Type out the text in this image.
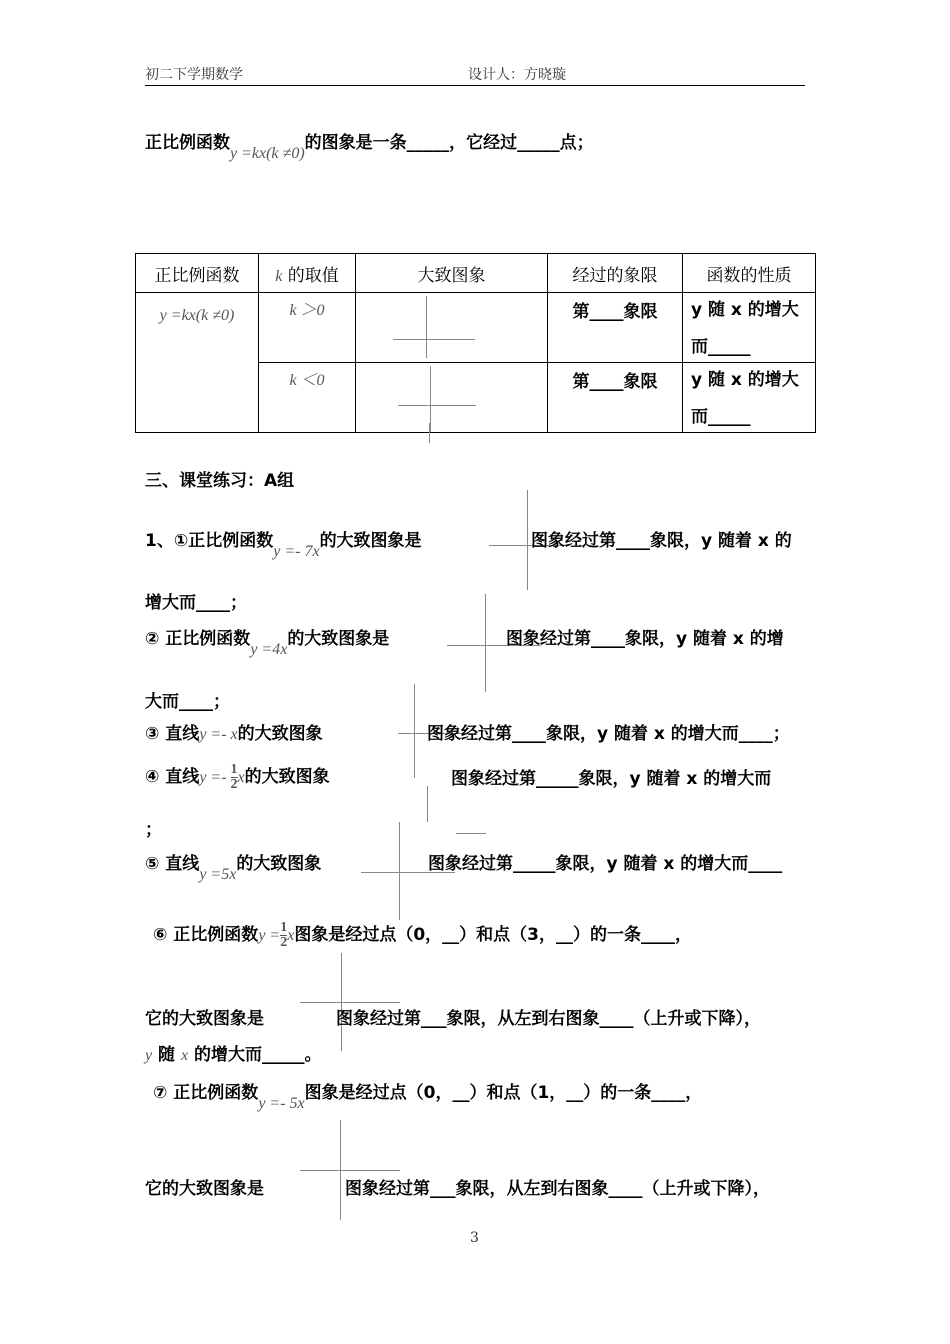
初二下学期数学	设计人：方晓璇
正比例函数y =kx(k ≠0)的图象是一条_____，它经过_____点；
正比例函数	k 的取值	大致图象	经过的象限	函数的性质

y =kx(k ≠0)	k ＞0		第____象限	y 随 x 的增大
而_____

	k ＜0		第____象限	y 随 x 的增大
而_____
三、课堂练习：A组
1、①正比例函数y =- 7x的大致图象是	图象经过第____象限，y 随着 x 的
增大而____；
② 正比例函数y =4x的大致图象是	图象经过第____象限，y 随着 x 的增
大而____；
③ 直线y =- x的大致图象	图象经过第____象限，y 随着 x 的增大而____；
④ 直线$y =- \frac{1}{2}$ x的大致图象	图象经过第_____象限，y 随着 x 的增大而
；
⑤ 直线y =5x的大致图象	图象经过第_____象限，y 随着 x 的增大而____
⑥ 正比例函数$y = \frac{1}{2}$ x图象是经过点（0，__）和点（3，__）的一条____，
它的大致图象是	图象经过第___象限，从左到右图象____（上升或下降），
y 随 x 的增大而_____。
⑦ 正比例函数y =- 5x图象是经过点（0，__）和点（1，__）的一条____，
它的大致图象是	图象经过第___象限，从左到右图象____（上升或下降），
3
